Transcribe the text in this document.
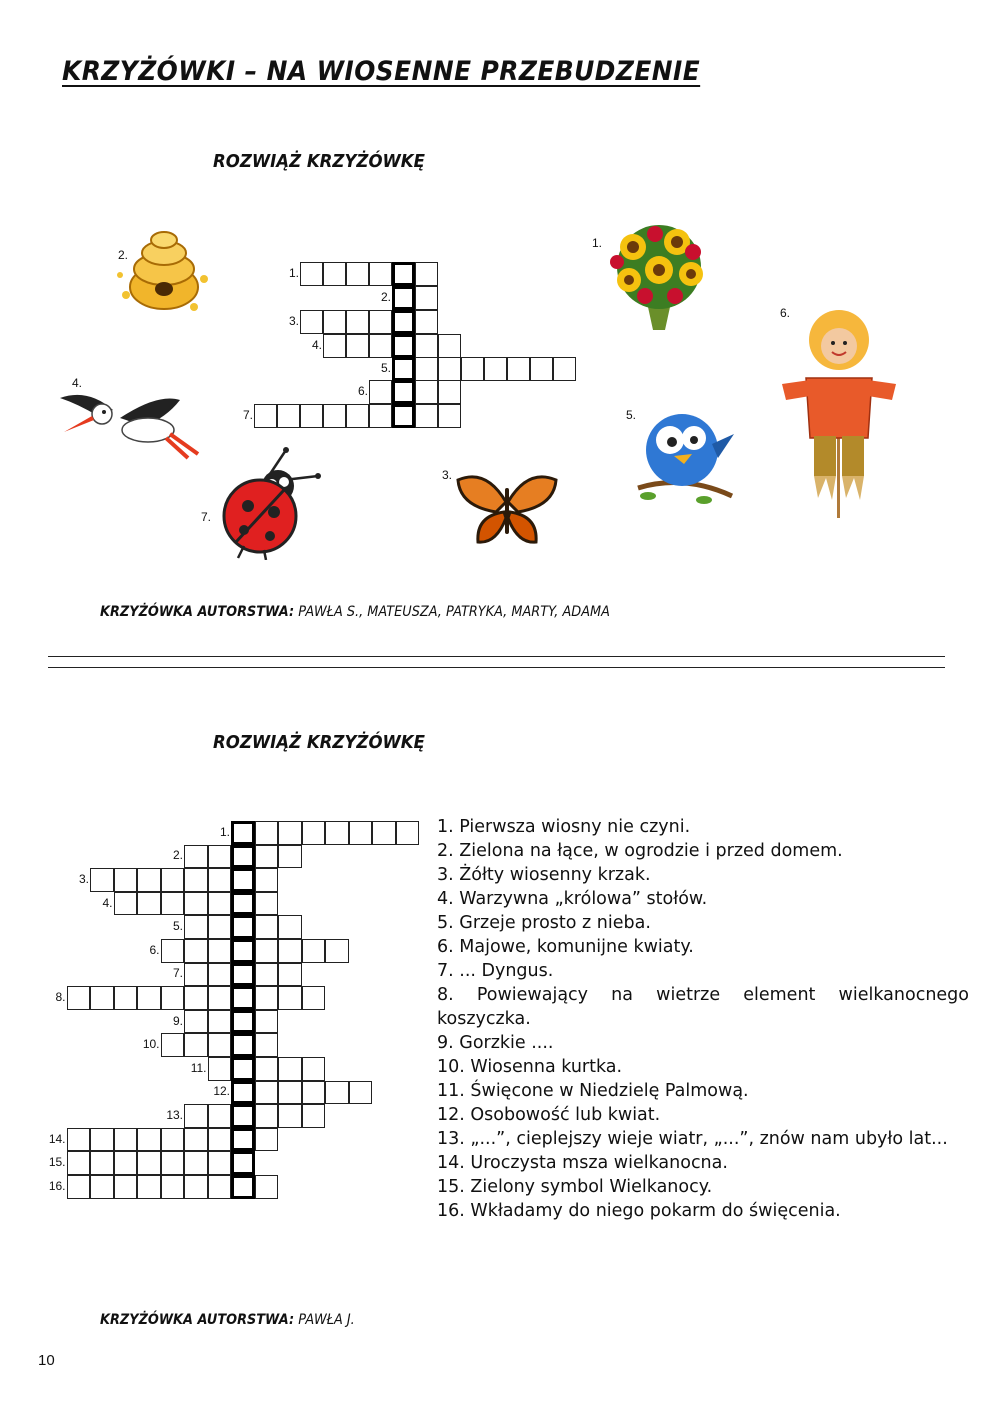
KRZYŻÓWKI – NA WIOSENNE PRZEBUDZENIE
ROZWIĄŻ KRZYŻÓWKĘ
1.
2.
3.
4.
5.
6.
7.
2.
1.
6.
4.
5.
3.
7.
KRZYŻÓWKA AUTORSTWA: PAWŁA S., MATEUSZA, PATRYKA, MARTY, ADAMA
ROZWIĄŻ KRZYŻÓWKĘ
1.
2.
3.
4.
5.
6.
7.
8.
9.
10.
11.
12.
13.
14.
15.
16.
1. Pierwsza wiosny nie czyni.
2. Zielona na łące, w ogrodzie i przed domem.
3. Żółty wiosenny krzak.
4. Warzywna „królowa” stołów.
5. Grzeje prosto z nieba.
6. Majowe, komunijne kwiaty.
7. ... Dyngus.
8. Powiewający na wietrze element wielkanocnego koszyczka.
9. Gorzkie ....
10. Wiosenna kurtka.
11. Święcone w Niedzielę Palmową.
12. Osobowość lub kwiat.
13. „...”, cieplejszy wieje wiatr, „...”, znów nam ubyło lat...
14. Uroczysta msza wielkanocna.
15. Zielony symbol Wielkanocy.
16. Wkładamy do niego pokarm do święcenia.
KRZYŻÓWKA AUTORSTWA: PAWŁA J.
10
